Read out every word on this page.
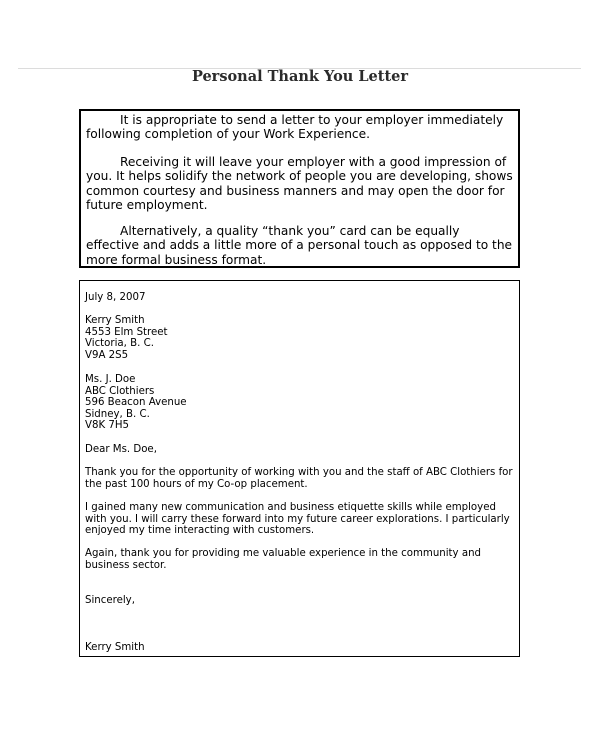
Personal Thank You Letter

It is appropriate to send a letter to your employer immediately following completion of your Work Experience.

Receiving it will leave your employer with a good impression of you. It helps solidify the network of people you are developing, shows common courtesy and business manners and may open the door for future employment.

Alternatively, a quality “thank you” card can be equally effective and adds a little more of a personal touch as opposed to the more formal business format.

July 8, 2007

Kerry Smith
4553 Elm Street
Victoria, B. C.
V9A 2S5
Ms. J. Doe
ABC Clothiers
596 Beacon Avenue
Sidney, B. C.
V8K 7H5

Dear Ms. Doe,

Thank you for the opportunity of working with you and the staff of ABC Clothiers for the past 100 hours of my Co-op placement.

I gained many new communication and business etiquette skills while employed with you. I will carry these forward into my future career explorations. I particularly enjoyed my time interacting with customers.

Again, thank you for providing me valuable experience in the community and business sector.

Sincerely,

Kerry Smith
